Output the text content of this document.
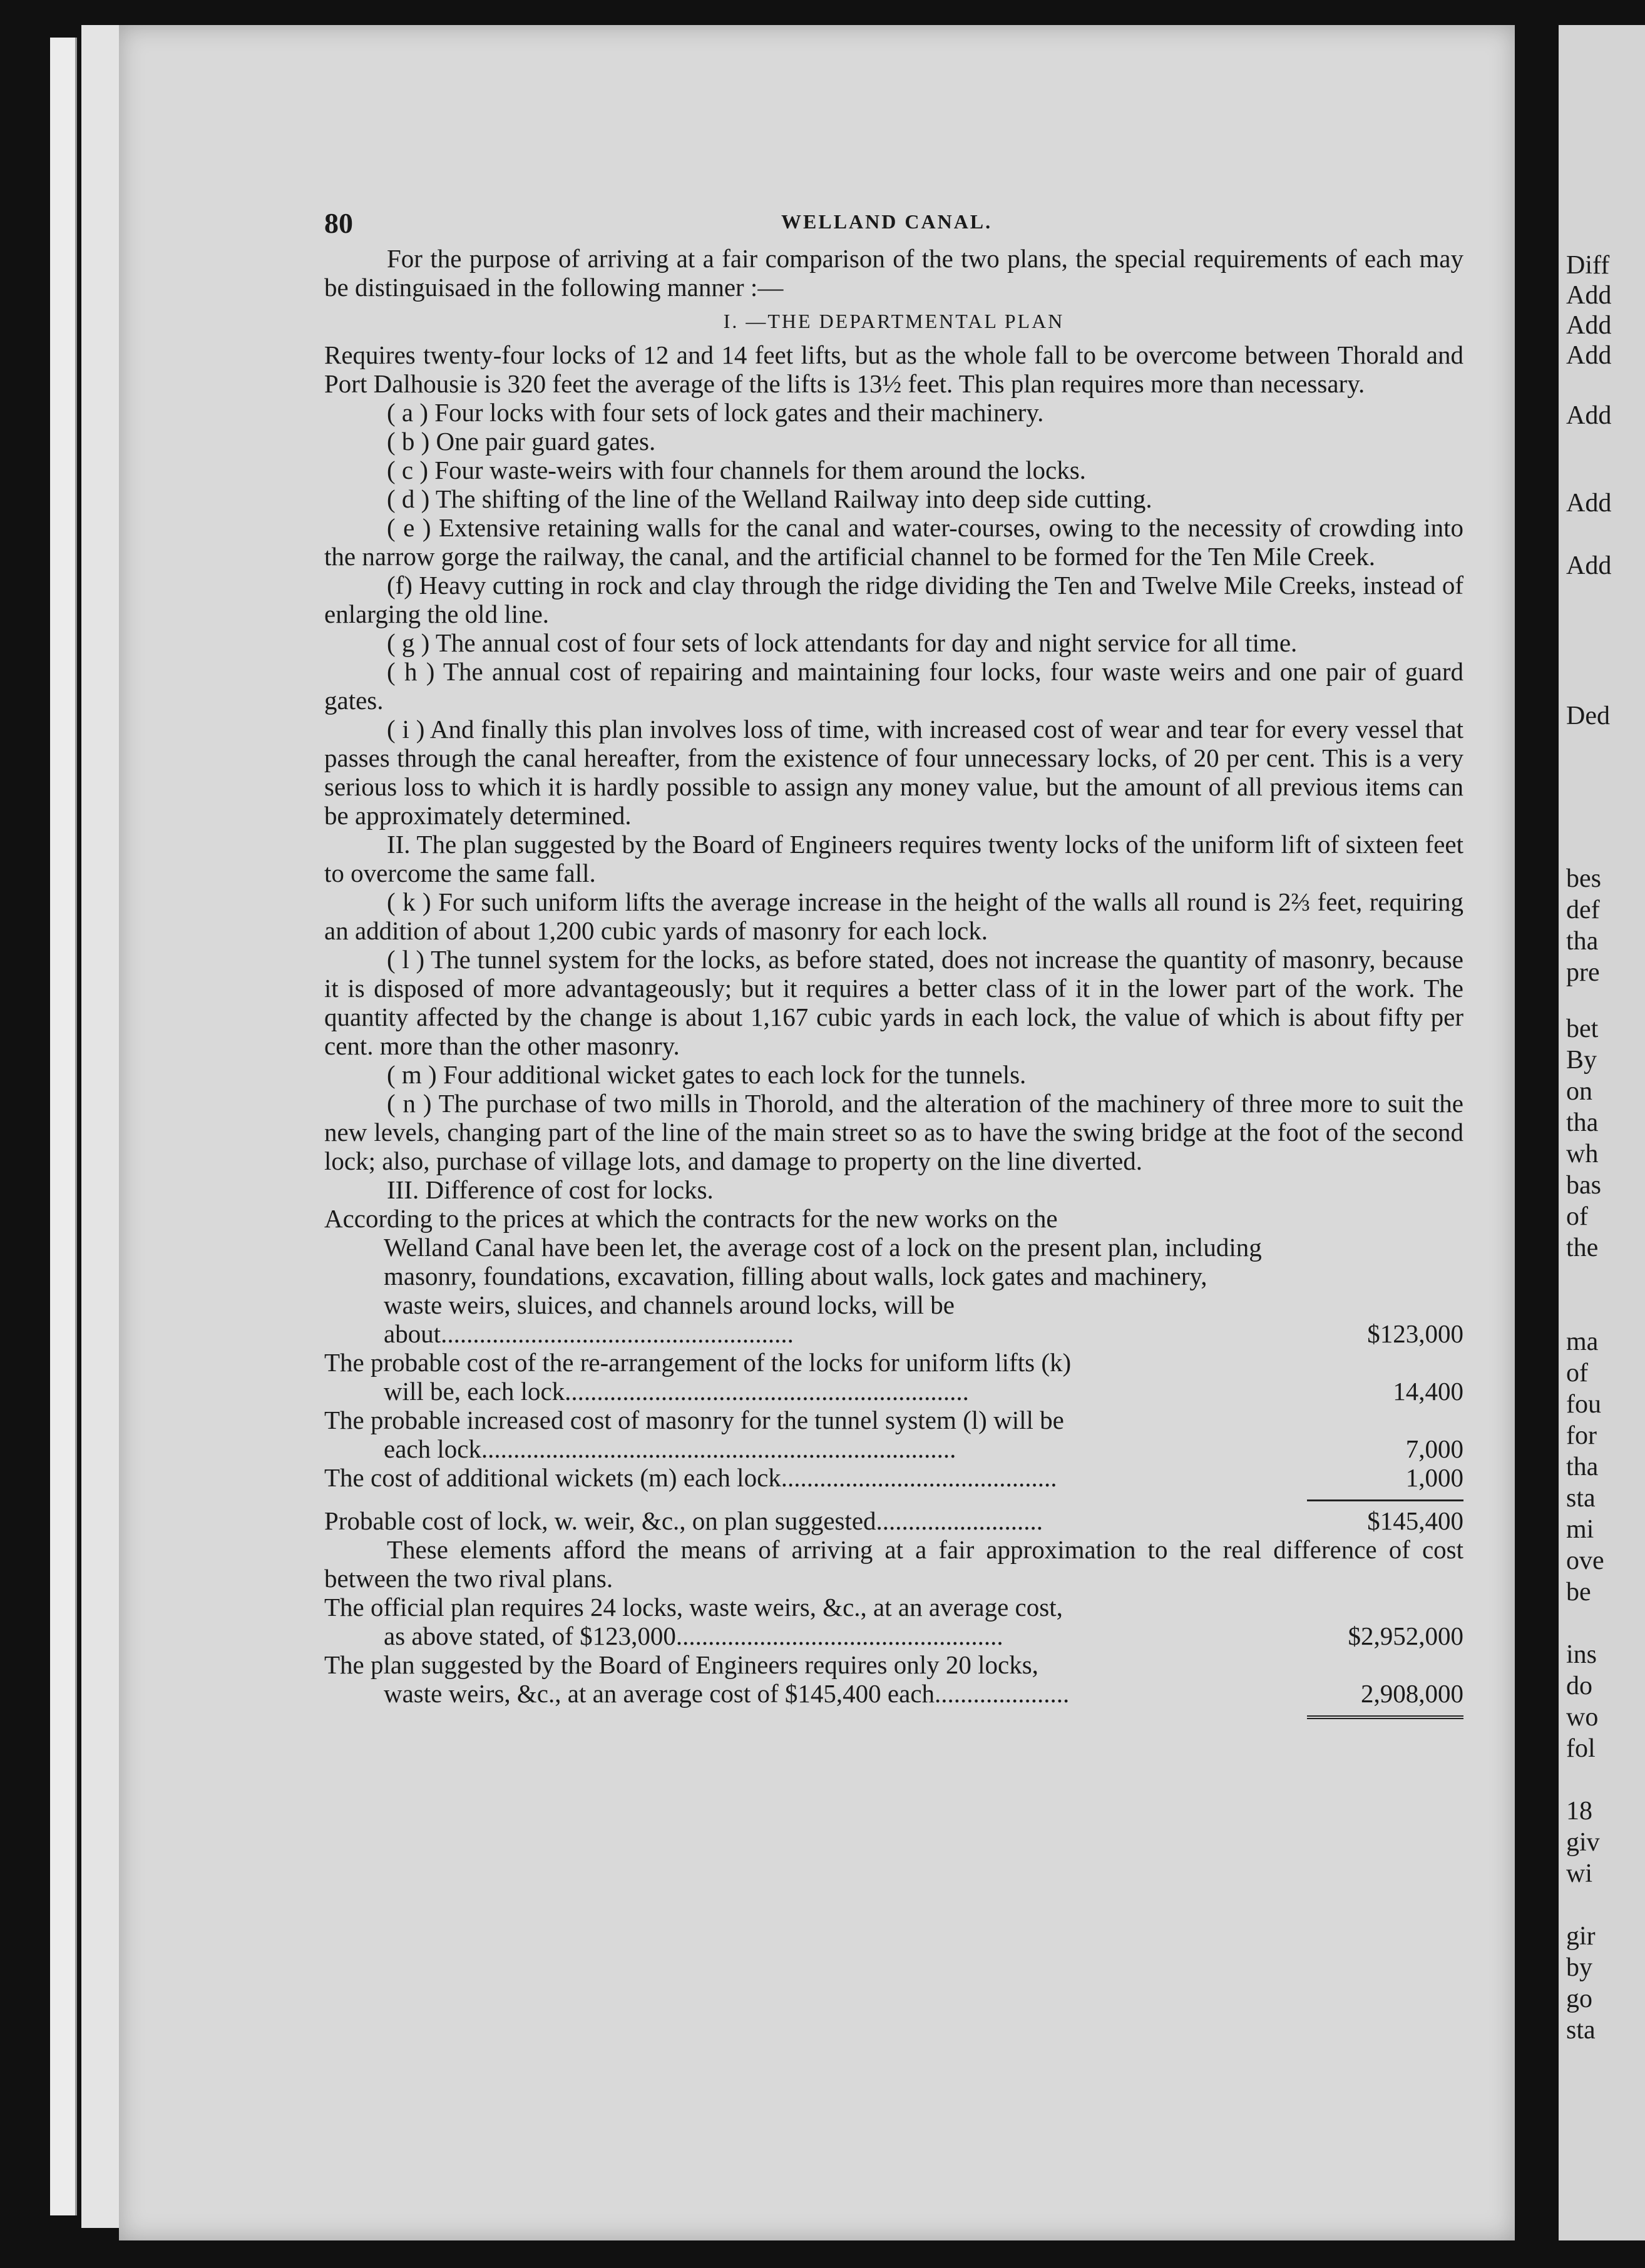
Diff
Add
Add
Add
Add
Add
Add
Ded
bes
def
tha
pre
bet
By
on
tha
wh
bas
of
the
ma
of
fou
for
tha
sta
mi
ove
be
ins
do
wo
fol
18
giv
wi
gir
by
go
sta
80	WELLAND CANAL.

For the purpose of arriving at a fair comparison of the two plans, the special requirements of each may be distinguisaed in the following manner :—

I. —THE DEPARTMENTAL PLAN

Requires twenty-four locks of 12 and 14 feet lifts, but as the whole fall to be overcome between Thorald and Port Dalhousie is 320 feet the average of the lifts is 13½ feet. This plan requires more than necessary.

( a ) Four locks with four sets of lock gates and their machinery.

( b ) One pair guard gates.

( c ) Four waste-weirs with four channels for them around the locks.

( d ) The shifting of the line of the Welland Railway into deep side cutting.

( e ) Extensive retaining walls for the canal and water-courses, owing to the necessity of crowding into the narrow gorge the railway, the canal, and the artificial channel to be formed for the Ten Mile Creek.

(f) Heavy cutting in rock and clay through the ridge dividing the Ten and Twelve Mile Creeks, instead of enlarging the old line.

( g ) The annual cost of four sets of lock attendants for day and night service for all time.

( h ) The annual cost of repairing and maintaining four locks, four waste weirs and one pair of guard gates.

( i ) And finally this plan involves loss of time, with increased cost of wear and tear for every vessel that passes through the canal hereafter, from the existence of four unnecessary locks, of 20 per cent. This is a very serious loss to which it is hardly possible to assign any money value, but the amount of all previous items can be approximately determined.

II. The plan suggested by the Board of Engineers requires twenty locks of the uniform lift of sixteen feet to overcome the same fall.

( k ) For such uniform lifts the average increase in the height of the walls all round is 2⅔ feet, requiring an addition of about 1,200 cubic yards of masonry for each lock.

( l ) The tunnel system for the locks, as before stated, does not increase the quantity of masonry, because it is disposed of more advantageously; but it requires a better class of it in the lower part of the work. The quantity affected by the change is about 1,167 cubic yards in each lock, the value of which is about fifty per cent. more than the other masonry.

( m ) Four additional wicket gates to each lock for the tunnels.

( n ) The purchase of two mills in Thorold, and the alteration of the machinery of three more to suit the new levels, changing part of the line of the main street so as to have the swing bridge at the foot of the second lock; also, purchase of village lots, and damage to property on the line diverted.

III. Difference of cost for locks.

According to the prices at which the contracts for the new works on the
Welland Canal have been let, the average cost of a lock on the present plan, including masonry, foundations, excavation, filling about walls, lock gates and machinery, waste weirs, sluices, and channels around locks, will be about.......................................................	$123,000
The probable cost of the re-arrangement of the locks for uniform lifts (k)
will be, each lock...............................................................	14,400
The probable increased cost of masonry for the tunnel system (l) will be
each lock..........................................................................	7,000
The cost of additional wickets (m) each lock...........................................	1,000
Probable cost of lock, w. weir, &c., on plan suggested..........................	$145,400

These elements afford the means of arriving at a fair approximation to the real difference of cost between the two rival plans.

The official plan requires 24 locks, waste weirs, &c., at an average cost,
as above stated, of $123,000...................................................	$2,952,000
The plan suggested by the Board of Engineers requires only 20 locks,
waste weirs, &c., at an average cost of $145,400 each.....................	2,908,000
